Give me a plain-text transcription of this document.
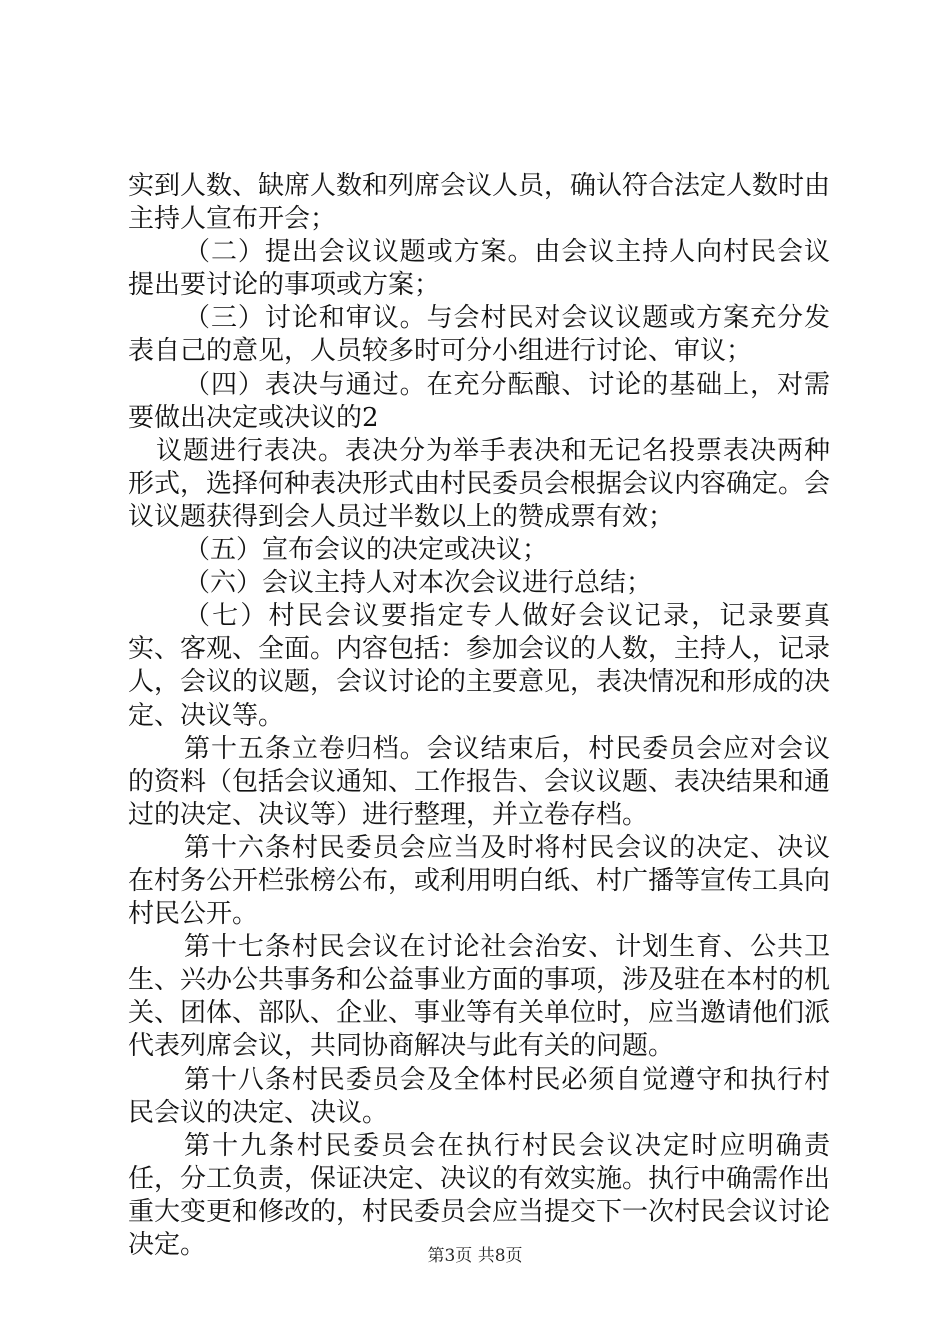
实到人数、缺席人数和列席会议人员，确认符合法定人数时由主持人宣布开会；

（二）提出会议议题或方案。由会议主持人向村民会议提出要讨论的事项或方案；

（三）讨论和审议。与会村民对会议议题或方案充分发表自己的意见，人员较多时可分小组进行讨论、审议；

（四）表决与通过。在充分酝酿、讨论的基础上，对需要做出决定或决议的2

议题进行表决。表决分为举手表决和无记名投票表决两种形式，选择何种表决形式由村民委员会根据会议内容确定。会议议题获得到会人员过半数以上的赞成票有效；

（五）宣布会议的决定或决议；

（六）会议主持人对本次会议进行总结；

（七）村民会议要指定专人做好会议记录，记录要真实、客观、全面。内容包括：参加会议的人数，主持人，记录人，会议的议题，会议讨论的主要意见，表决情况和形成的决定、决议等。

第十五条立卷归档。会议结束后，村民委员会应对会议的资料（包括会议通知、工作报告、会议议题、表决结果和通过的决定、决议等）进行整理，并立卷存档。

第十六条村民委员会应当及时将村民会议的决定、决议在村务公开栏张榜公布，或利用明白纸、村广播等宣传工具向村民公开。

第十七条村民会议在讨论社会治安、计划生育、公共卫生、兴办公共事务和公益事业方面的事项，涉及驻在本村的机关、团体、部队、企业、事业等有关单位时，应当邀请他们派代表列席会议，共同协商解决与此有关的问题。

第十八条村民委员会及全体村民必须自觉遵守和执行村民会议的决定、决议。

第十九条村民委员会在执行村民会议决定时应明确责任，分工负责，保证决定、决议的有效实施。执行中确需作出重大变更和修改的，村民委员会应当提交下一次村民会议讨论决定。	第3页 共8页
